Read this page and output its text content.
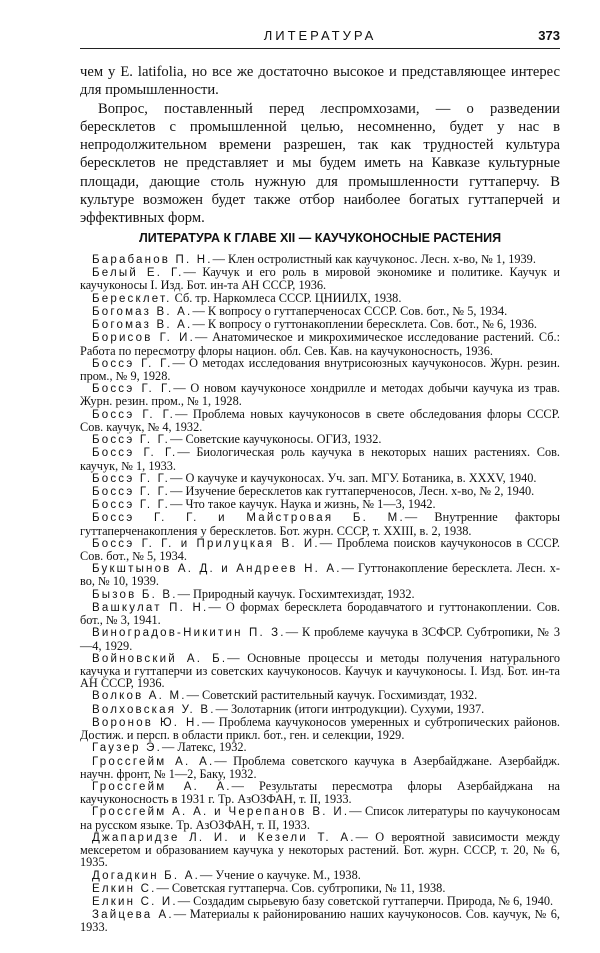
ЛИТЕРАТУРА	373

чем у E. latifolia, но все же достаточно высокое и представляющее интерес для промышленности.

Вопрос, поставленный перед леспромхозами, — о разведении бересклетов с промышленной целью, несомненно, будет у нас в непродолжительном времени разрешен, так как трудностей культура бересклетов не представляет и мы будем иметь на Кавказе культурные площади, дающие столь нужную для промышленности гуттаперчу. В культуре возможен будет также отбор наиболее богатых гуттаперчей и эффективных форм.

ЛИТЕРАТУРА К ГЛАВЕ XII — КАУЧУКОНОСНЫЕ РАСТЕНИЯ

Барабанов П. Н.— Клен остролистный как каучуконос. Лесн. х-во, № 1, 1939.

Белый Е. Г.— Каучук и его роль в мировой экономике и политике. Каучук и каучуконосы I. Изд. Бот. ин-та АН СССР, 1936.

Бересклет. Сб. тр. Наркомлеса СССР. ЦНИИЛХ, 1938.

Богомаз В. А.— К вопросу о гуттаперченосах СССР. Сов. бот., № 5, 1934.

Богомаз В. А.— К вопросу о гуттонакоплении бересклета. Сов. бот., № 6, 1936.

Борисов Г. И.— Анатомическое и микрохимическое исследование растений. Сб.: Работа по пересмотру флоры национ. обл. Сев. Кав. на каучуконосность, 1936.

Боссэ Г. Г.— О методах исследования внутрисоюзных каучуконосов. Журн. резин. пром., № 9, 1928.

Боссэ Г. Г.— О новом каучуконосе хондрилле и методах добычи каучука из трав. Журн. резин. пром., № 1, 1928.

Боссэ Г. Г.— Проблема новых каучуконосов в свете обследования флоры СССР. Сов. каучук, № 4, 1932.

Боссэ Г. Г.— Советские каучуконосы. ОГИЗ, 1932.

Боссэ Г. Г.— Биологическая роль каучука в некоторых наших растениях. Сов. каучук, № 1, 1933.

Боссэ Г. Г.— О каучуке и каучуконосах. Уч. зап. МГУ. Ботаника, в. XXXV, 1940.

Боссэ Г. Г.— Изучение бересклетов как гуттаперченосов, Лесн. х-во, № 2, 1940.

Боссэ Г. Г.— Что такое каучук. Наука и жизнь, № 1—3, 1942.

Боссэ Г. Г. и Майстровая Б. М.— Внутренние факторы гуттаперченакопления у бересклетов. Бот. журн. СССР, т. XXIII, в. 2, 1938.

Боссэ Г. Г. и Прилуцкая В. И.— Проблема поисков каучуконосов в СССР. Сов. бот., № 5, 1934.

Букштынов А. Д. и Андреев Н. А.— Гуттонакопление бересклета. Лесн. х-во, № 10, 1939.

Бызов Б. В.— Природный каучук. Госхимтехиздат, 1932.

Вашкулат П. Н.— О формах бересклета бородавчатого и гуттонакоплении. Сов. бот., № 3, 1941.

Виноградов-Никитин П. З.— К проблеме каучука в ЗСФСР. Субтропики, № 3—4, 1929.

Войновский А. Б.— Основные процессы и методы получения натурального каучука и гуттаперчи из советских каучуконосов. Каучук и каучуконосы. I. Изд. Бот. ин-та АН СССР, 1936.

Волков А. М.— Советский растительный каучук. Госхимиздат, 1932.

Волховская У. В.— Золотарник (итоги интродукции). Сухуми, 1937.

Воронов Ю. Н.— Проблема каучуконосов умеренных и субтропических районов. Достиж. и персп. в области прикл. бот., ген. и селекции, 1929.

Гаузер Э.— Латекс, 1932.

Гроссгейм А. А.— Проблема советского каучука в Азербайджане. Азербайдж. научн. фронт, № 1—2, Баку, 1932.

Гроссгейм А. А.— Результаты пересмотра флоры Азербайджана на каучуконосность в 1931 г. Тр. АзОЗФАН, т. II, 1933.

Гроссгейм А. А. и Черепанов В. И.— Список литературы по каучуконосам на русском языке. Тр. АзОЗФАН, т. II, 1933.

Джапаридзе Л. И. и Кезели Т. А.— О вероятной зависимости между мексеретом и образованием каучука у некоторых растений. Бот. журн. СССР, т. 20, № 6, 1935.

Догадкин Б. А.— Учение о каучуке. М., 1938.

Елкин С.— Советская гуттаперча. Сов. субтропики, № 11, 1938.

Елкин С. И.— Создадим сырьевую базу советской гуттаперчи. Природа, № 6, 1940.

Зайцева А.— Материалы к районированию наших каучуконосов. Сов. каучук, № 6, 1933.
